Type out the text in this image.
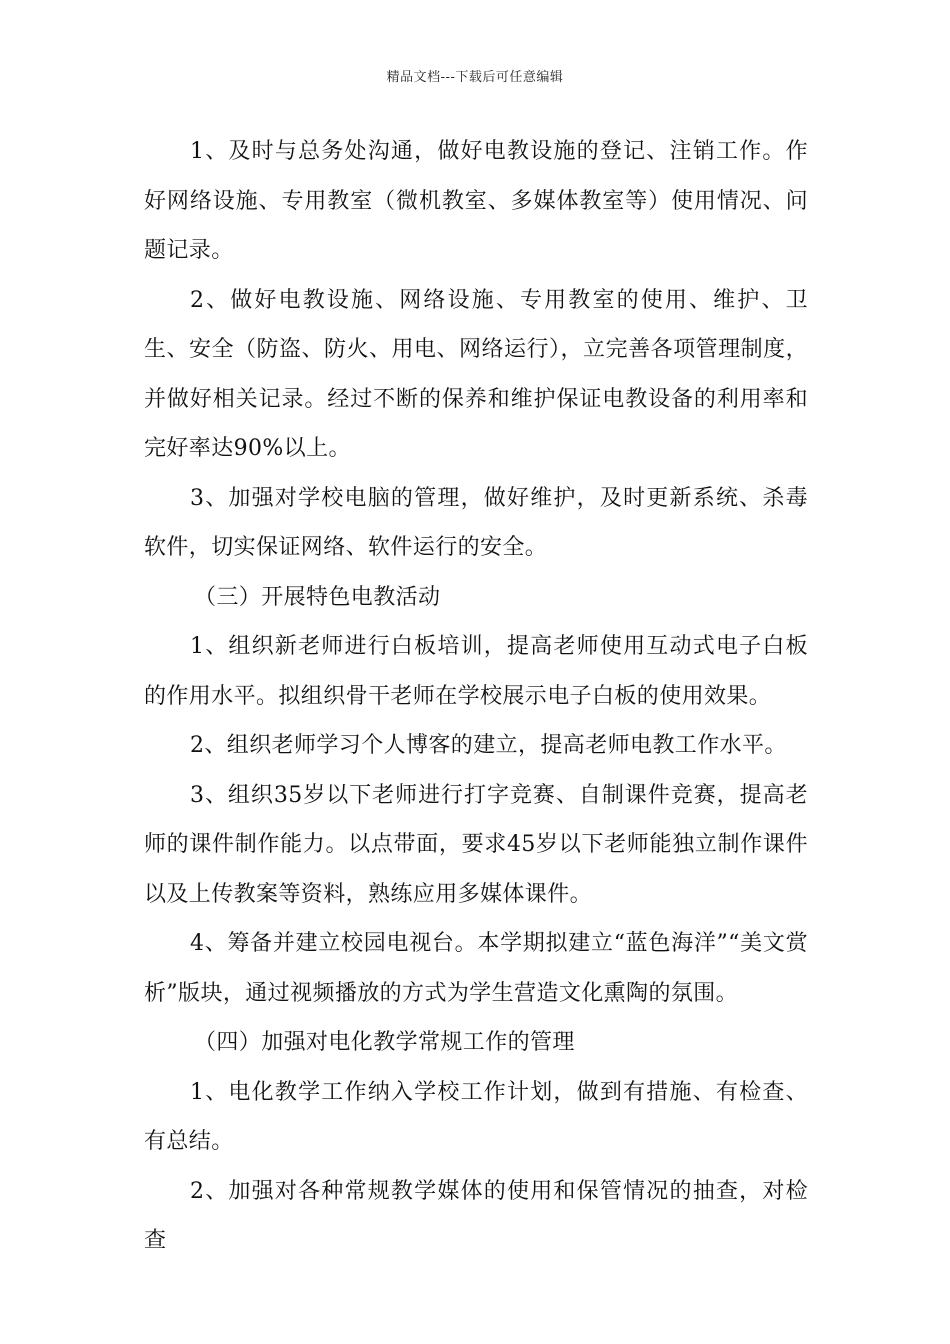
精品文档---下载后可任意编辑

1、及时与总务处沟通，做好电教设施的登记、注销工作。作好网络设施、专用教室（微机教室、多媒体教室等）使用情况、问题记录。

2、做好电教设施、网络设施、专用教室的使用、维护、卫生、安全（防盗、防火、用电、网络运行），立完善各项管理制度，并做好相关记录。经过不断的保养和维护保证电教设备的利用率和完好率达90%以上。

3、加强对学校电脑的管理，做好维护，及时更新系统、杀毒软件，切实保证网络、软件运行的安全。

（三）开展特色电教活动

1、组织新老师进行白板培训，提高老师使用互动式电子白板的作用水平。拟组织骨干老师在学校展示电子白板的使用效果。

2、组织老师学习个人博客的建立，提高老师电教工作水平。

3、组织35岁以下老师进行打字竞赛、自制课件竞赛，提高老师的课件制作能力。以点带面，要求45岁以下老师能独立制作课件以及上传教案等资料，熟练应用多媒体课件。

4、筹备并建立校园电视台。本学期拟建立“蓝色海洋”“美文赏析”版块，通过视频播放的方式为学生营造文化熏陶的氛围。

（四）加强对电化教学常规工作的管理

1、电化教学工作纳入学校工作计划，做到有措施、有检查、有总结。

2、加强对各种常规教学媒体的使用和保管情况的抽查，对检查
